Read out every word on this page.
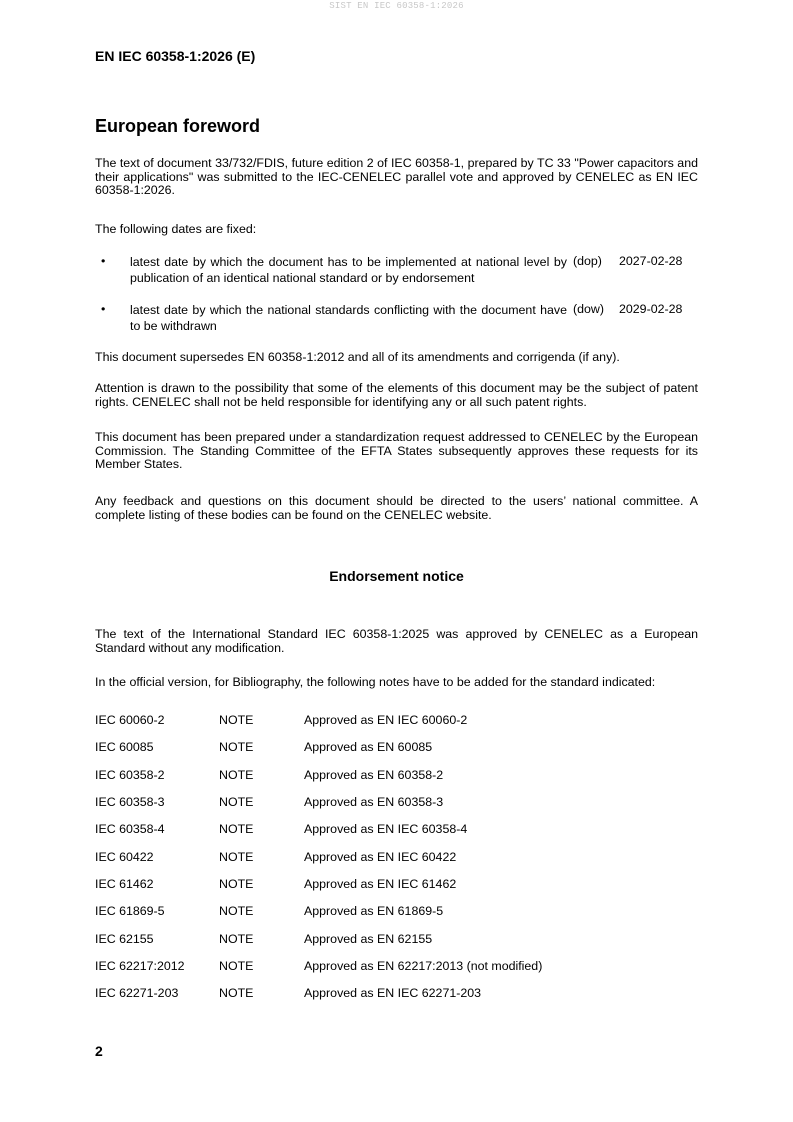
SIST EN IEC 60358-1:2026
EN IEC 60358-1:2026 (E)
European foreword
The text of document 33/732/FDIS, future edition 2 of IEC 60358-1, prepared by TC 33 "Power capacitors and their applications" was submitted to the IEC-CENELEC parallel vote and approved by CENELEC as EN IEC 60358-1:2026.
The following dates are fixed:
• latest date by which the document has to be implemented at national level by publication of an identical national standard or by endorsement
(dop) 2027-02-28
• latest date by which the national standards conflicting with the document have to be withdrawn
(dow) 2029-02-28
This document supersedes EN 60358-1:2012 and all of its amendments and corrigenda (if any).
Attention is drawn to the possibility that some of the elements of this document may be the subject of patent rights. CENELEC shall not be held responsible for identifying any or all such patent rights.
This document has been prepared under a standardization request addressed to CENELEC by the European Commission. The Standing Committee of the EFTA States subsequently approves these requests for its Member States.
Any feedback and questions on this document should be directed to the users’ national committee. A complete listing of these bodies can be found on the CENELEC website.
Endorsement notice
The text of the International Standard IEC 60358-1:2025 was approved by CENELEC as a European Standard without any modification.
In the official version, for Bibliography, the following notes have to be added for the standard indicated:
IEC 60060-2	NOTE	Approved as EN IEC 60060-2
IEC 60085	NOTE	Approved as EN 60085
IEC 60358-2	NOTE	Approved as EN 60358-2
IEC 60358-3	NOTE	Approved as EN 60358-3
IEC 60358-4	NOTE	Approved as EN IEC 60358-4
IEC 60422	NOTE	Approved as EN IEC 60422
IEC 61462	NOTE	Approved as EN IEC 61462
IEC 61869-5	NOTE	Approved as EN 61869-5
IEC 62155	NOTE	Approved as EN 62155
IEC 62217:2012	NOTE	Approved as EN 62217:2013 (not modified)
IEC 62271-203	NOTE	Approved as EN IEC 62271-203
2
